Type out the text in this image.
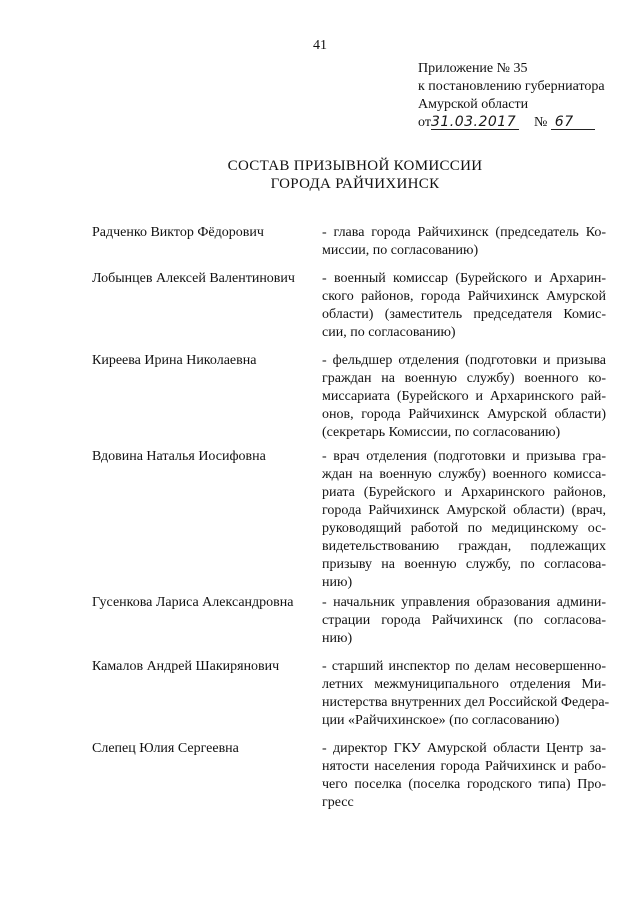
41
Приложение № 35
к постановлению губерниатора
Амурской области
от31.03.2017 № 67
СОСТАВ ПРИЗЫВНОЙ КОМИССИИ
ГОРОДА РАЙЧИХИНСК
Радченко Виктор Фёдорович	- глава города Райчихинск (председатель Ко-
миссии, по согласованию)
Лобынцев Алексей Валентинович - военный комиссар (Бурейского и Архарин-
ского районов, города Райчихинск Амурской
области) (заместитель председателя Комис-
сии, по согласованию)
Киреева Ирина Николаевна	- фельдшер отделения (подготовки и призыва
граждан на военную службу) военного ко-
миссариата (Бурейского и Архаринского рай-
онов, города Райчихинск Амурской области)
(секретарь Комиссии, по согласованию)
Вдовина Наталья Иосифовна	- врач отделения (подготовки и призыва гра-
ждан на военную службу) военного комисса-
риата (Бурейского и Архаринского районов,
города Райчихинск Амурской области) (врач,
руководящий работой по медицинскому ос-
видетельствованию граждан, подлежащих
призыву на военную службу, по согласова-
нию)
Гусенкова Лариса Александровна - начальник управления образования админи-
страции города Райчихинск (по согласова-
нию)
Камалов Андрей Шакирянович	- старший инспектор по делам несовершенно-
летних межмуниципального отделения Ми-
нистерства внутренних дел Российской Федера-
ции «Райчихинское» (по согласованию)
Слепец Юлия Сергеевна	- директор ГКУ Амурской области Центр за-
нятости населения города Райчихинск и рабо-
чего поселка (поселка городского типа) Про-
гресс
